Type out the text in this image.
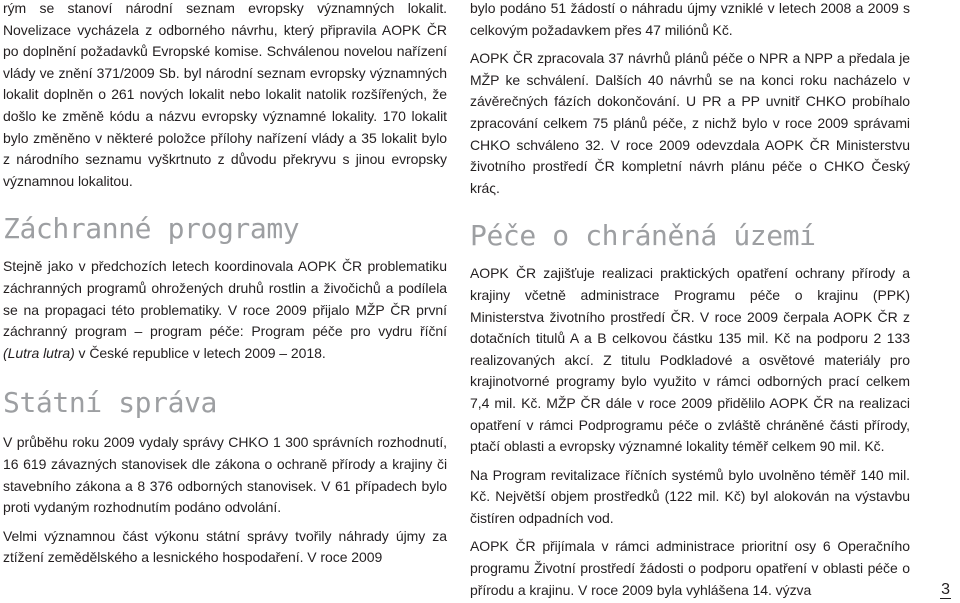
rým se stanoví národní seznam evropsky významných lokalit. Novelizace vycházela z odborného návrhu, který připravila AOPK ČR po doplnění požadavků Evropské komise. Schválenou novelou nařízení vlády ve znění 371/2009 Sb. byl národní seznam evropsky významných lokalit doplněn o 261 nových lokalit nebo lokalit natolik rozšířených, že došlo ke změně kódu a názvu evropsky významné lokality. 170 lokalit bylo změněno v některé položce přílohy nařízení vlády a 35 lokalit bylo z národního seznamu vyškrtnuto z důvodu překryvu s jinou evropsky významnou lokalitou.

Záchranné programy

Stejně jako v předchozích letech koordinovala AOPK ČR problematiku záchranných programů ohrožených druhů rostlin a živočichů a podílela se na propagaci této problematiky. V roce 2009 přijalo MŽP ČR první záchranný program – program péče: Program péče pro vydru říční (Lutra lutra) v České republice v letech 2009 – 2018.

Státní správa

V průběhu roku 2009 vydaly správy CHKO 1 300 správních rozhodnutí, 16 619 závazných stanovisek dle zákona o ochraně přírody a krajiny či stavebního zákona a 8 376 odborných stanovisek. V 61 případech bylo proti vydaným rozhodnutím podáno odvolání.

Velmi významnou část výkonu státní správy tvořily náhrady újmy za ztížení zemědělského a lesnického hospodaření. V roce 2009

bylo podáno 51 žádostí o náhradu újmy vzniklé v letech 2008 a 2009 s celkovým požadavkem přes 47 miliónů Kč.

AOPK ČR zpracovala 37 návrhů plánů péče o NPR a NPP a předala je MŽP ke schválení. Dalších 40 návrhů se na konci roku nacházelo v závěrečných fázích dokončování. U PR a PP uvnitř CHKO probíhalo zpracování celkem 75 plánů péče, z nichž bylo v roce 2009 správami CHKO schváleno 32. V roce 2009 odevzdala AOPK ČR Ministerstvu životního prostředí ČR kompletní návrh plánu péče o CHKO Český kráς.

Péče o chráněná území

AOPK ČR zajišťuje realizaci praktických opatření ochrany přírody a krajiny včetně administrace Programu péče o krajinu (PPK) Ministerstva životního prostředí ČR. V roce 2009 čerpala AOPK ČR z dotačních titulů A a B celkovou částku 135 mil. Kč na podporu 2 133 realizovaných akcí. Z titulu Podkladové a osvětové materiály pro krajinotvorné programy bylo využito v rámci odborných prací celkem 7,4 mil. Kč. MŽP ČR dále v roce 2009 přidělilo AOPK ČR na realizaci opatření v rámci Podprogramu péče o zvláště chráněné části přírody, ptačí oblasti a evropsky významné lokality téměř celkem 90 mil. Kč.

Na Program revitalizace říčních systémů bylo uvolněno téměř 140 mil. Kč. Největší objem prostředků (122 mil. Kč) byl alokován na výstavbu čistíren odpadních vod.

AOPK ČR přijímala v rámci administrace prioritní osy 6 Operačního programu Životní prostředí žádosti o podporu opatření v oblasti péče o přírodu a krajinu. V roce 2009 byla vyhlášena 14. výzva	3
